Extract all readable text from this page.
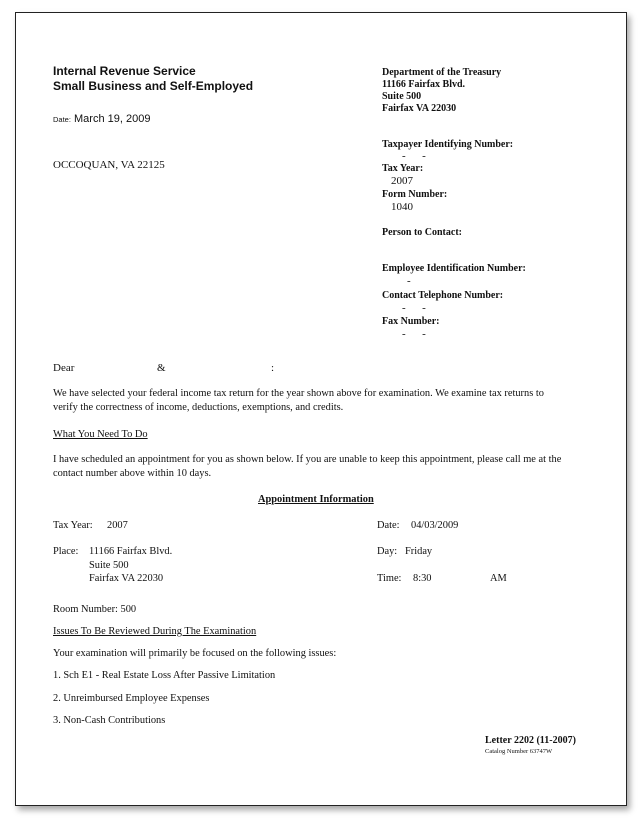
Internal Revenue Service
Small Business and Self-Employed
Date: March 19, 2009
OCCOQUAN, VA 22125
Department of the Treasury
11166 Fairfax Blvd.
Suite 500
Fairfax VA 22030
Taxpayer Identifying Number:
-      -
Tax Year:
2007
Form Number:
1040
Person to Contact:
Employee Identification Number:
-
Contact Telephone Number:
-      -
Fax Number:
-      -
Dear	&	:
We have selected your federal income tax return for the year shown above for examination. We examine tax returns to verify the correctness of income, deductions, exemptions, and credits.
What You Need To Do
I have scheduled an appointment for you as shown below. If you are unable to keep this appointment, please call me at the contact number above within 10 days.
Appointment Information
Tax Year: 2007	Date: 04/03/2009
Place: 11166 Fairfax Blvd.
Suite 500
Fairfax VA 22030
Day: Friday
Time: 8:30	AM
Room Number: 500
Issues To Be Reviewed During The Examination
Your examination will primarily be focused on the following issues:
1. Sch E1 - Real Estate Loss After Passive Limitation
2. Unreimbursed Employee Expenses
3. Non-Cash Contributions
Letter 2202 (11-2007)
Catalog Number 63747W
